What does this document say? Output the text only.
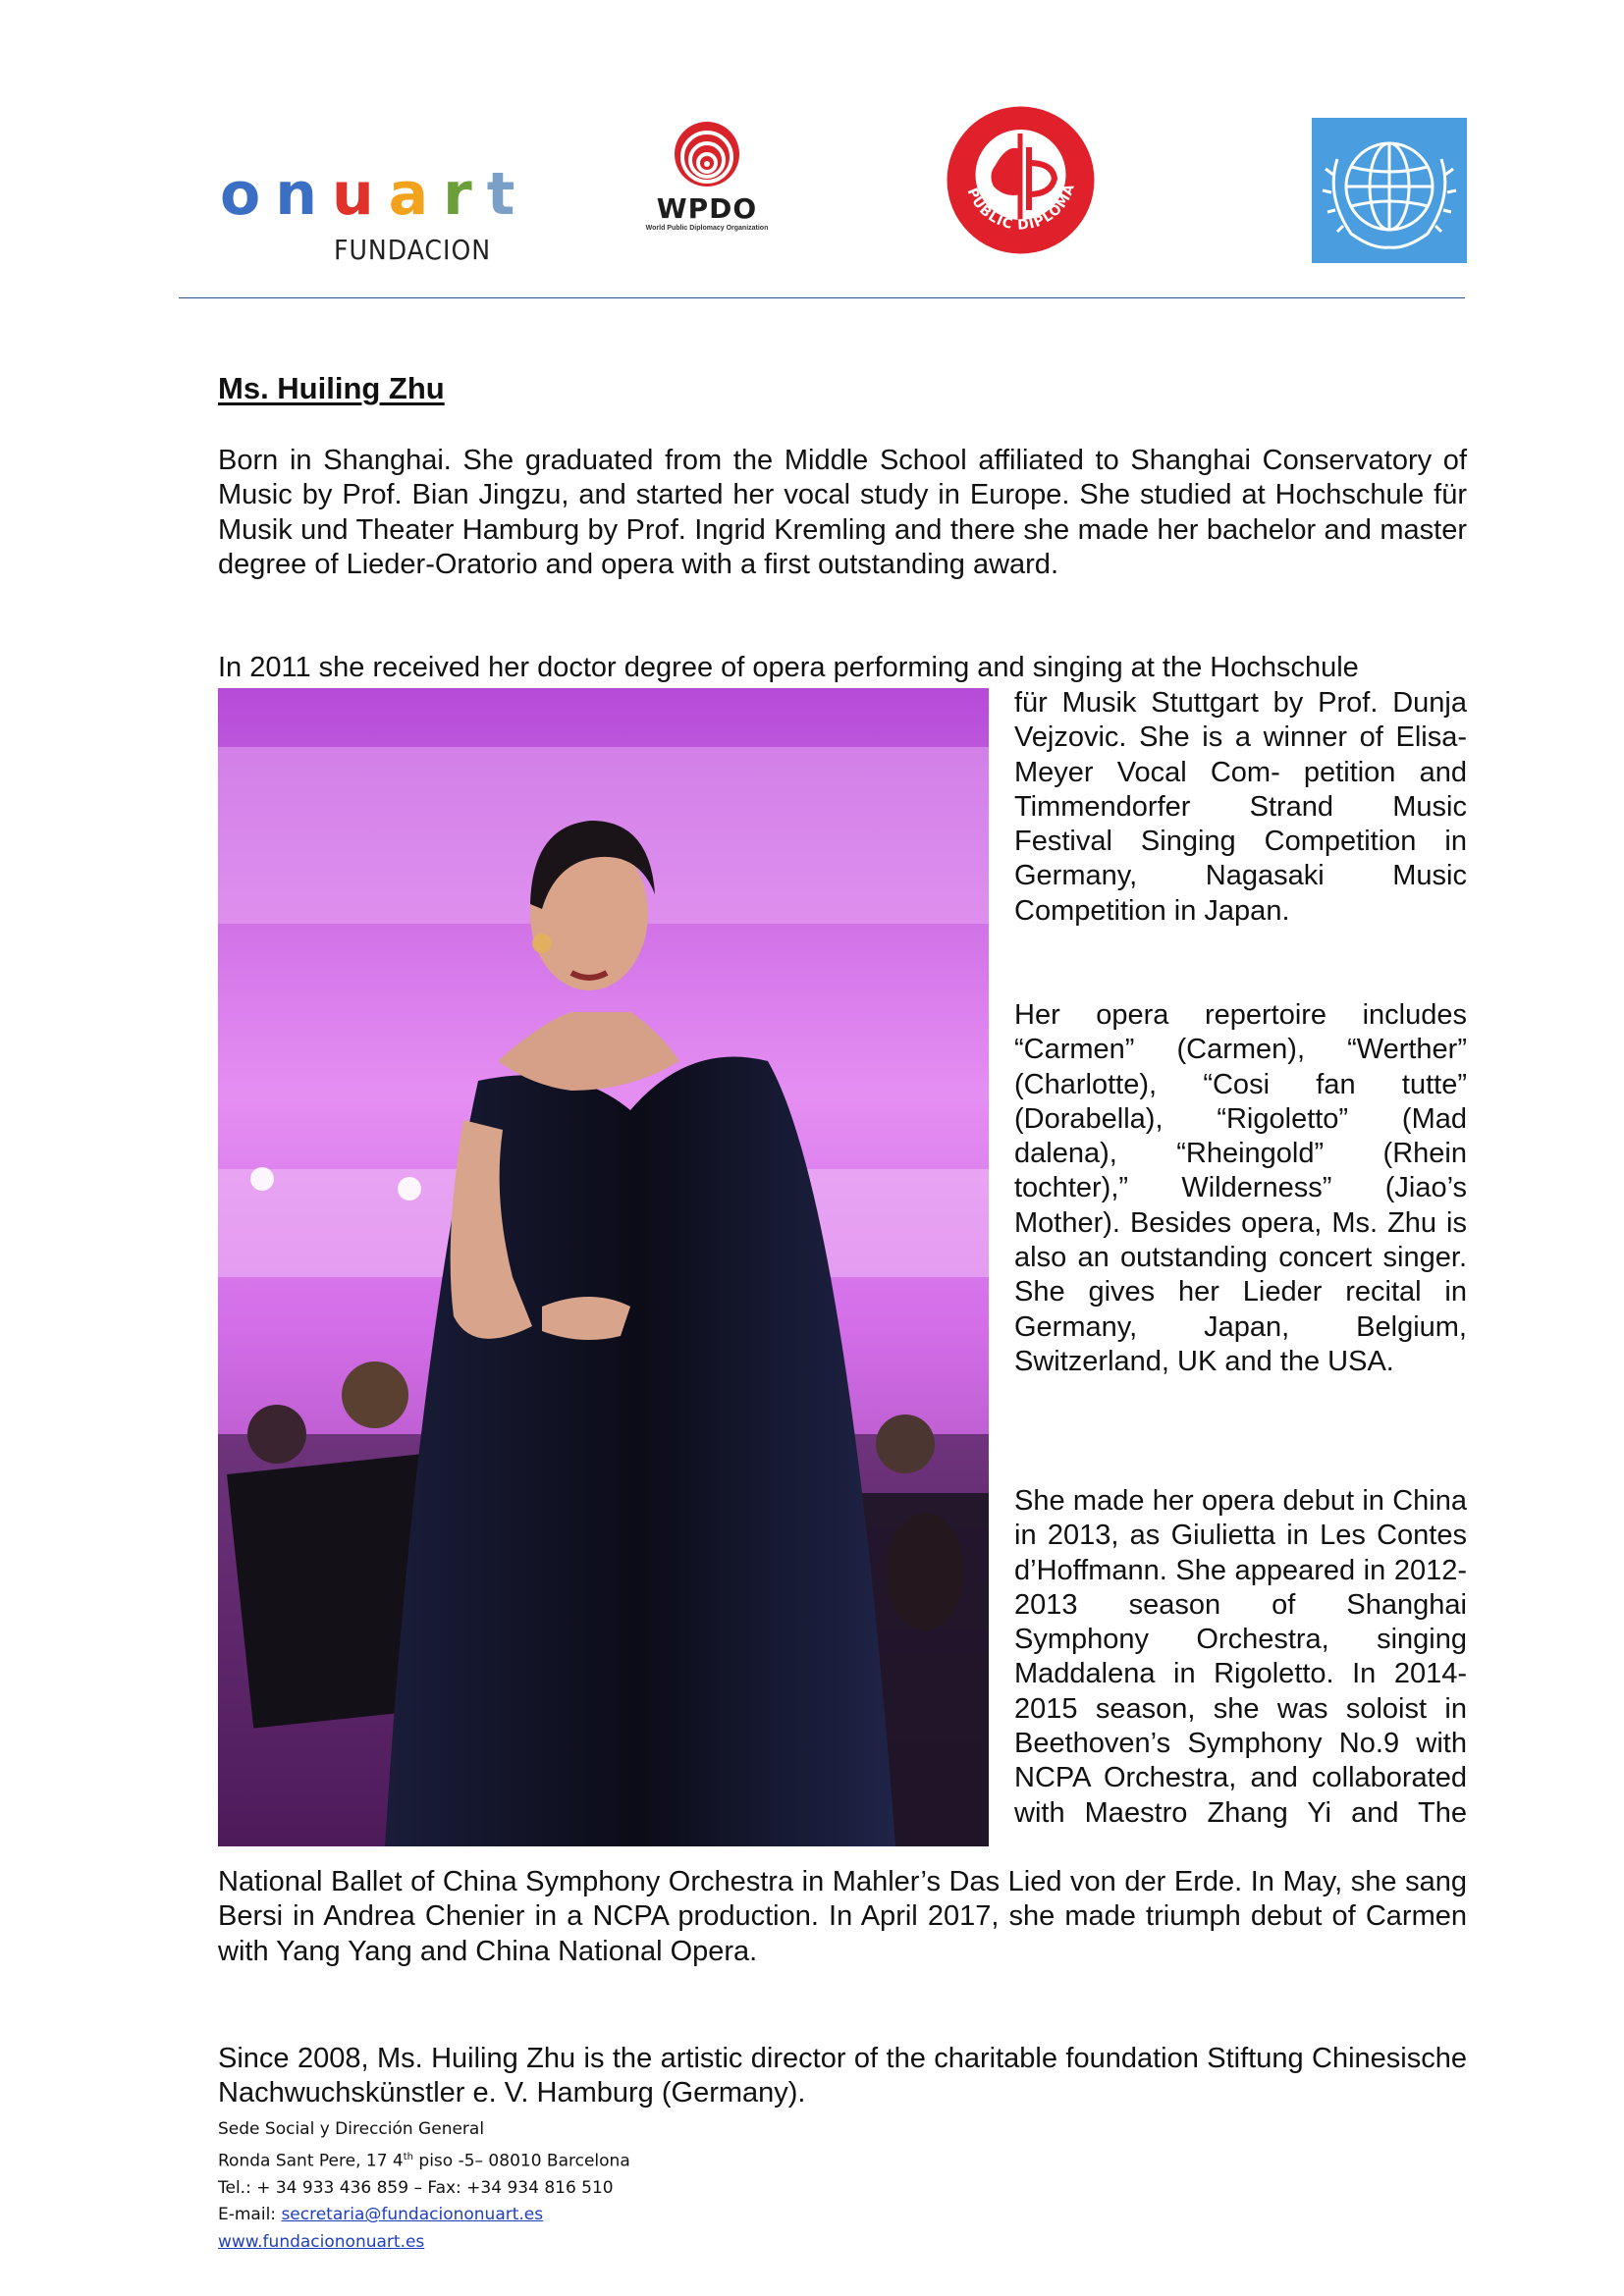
onuart
FUNDACION
WPDO
World Public Diplomacy Organization
PUBLIC DIPLOMA
Ms. Huiling Zhu

Born in Shanghai. She graduated from the Middle School affiliated to Shanghai Conservatory of Music by Prof. Bian Jingzu, and started her vocal study in Europe. She studied at Hochschule für Musik und Theater Hamburg by Prof. Ingrid Kremling and there she made her bachelor and master degree of Lieder-Oratorio and opera with a first outstanding award.

In 2011 she received her doctor degree of opera performing and singing at the Hochschule

für Musik Stuttgart by Prof. Dunja Vejzovic. She is a winner of Elisa-Meyer Vocal Com- petition and Timmendorfer Strand Music Festival Singing Competition in Germany, Nagasaki Music Competition in Japan.

Her opera repertoire includes “Carmen” (Carmen), “Werther” (Charlotte), “Cosi fan tutte” (Dorabella), “Rigoletto” (Mad dalena), “Rheingold” (Rhein tochter),” Wilderness” (Jiao’s Mother). Besides opera, Ms. Zhu is also an outstanding concert singer. She gives her Lieder recital in Germany, Japan, Belgium, Switzerland, UK and the USA.

She made her opera debut in China in 2013, as Giulietta in Les Contes d’Hoffmann. She appeared in 2012-2013 season of Shanghai Symphony Orchestra, singing Maddalena in Rigoletto. In 2014-2015 season, she was soloist in Beethoven’s Symphony No.9 with NCPA Orchestra, and collaborated with Maestro Zhang Yi and The

National Ballet of China Symphony Orchestra in Mahler’s Das Lied von der Erde. In May, she sang Bersi in Andrea Chenier in a NCPA production. In April 2017, she made triumph debut of Carmen with Yang Yang and China National Opera.

Since 2008, Ms. Huiling Zhu is the artistic director of the charitable foundation Stiftung Chinesische Nachwuchskünstler e. V. Hamburg (Germany).

Sede Social y Dirección General
Ronda Sant Pere, 17 4th piso -5– 08010 Barcelona
Tel.: + 34 933 436 859 – Fax: +34 934 816 510
E-mail: secretaria@fundaciononuart.es
www.fundaciononuart.es
